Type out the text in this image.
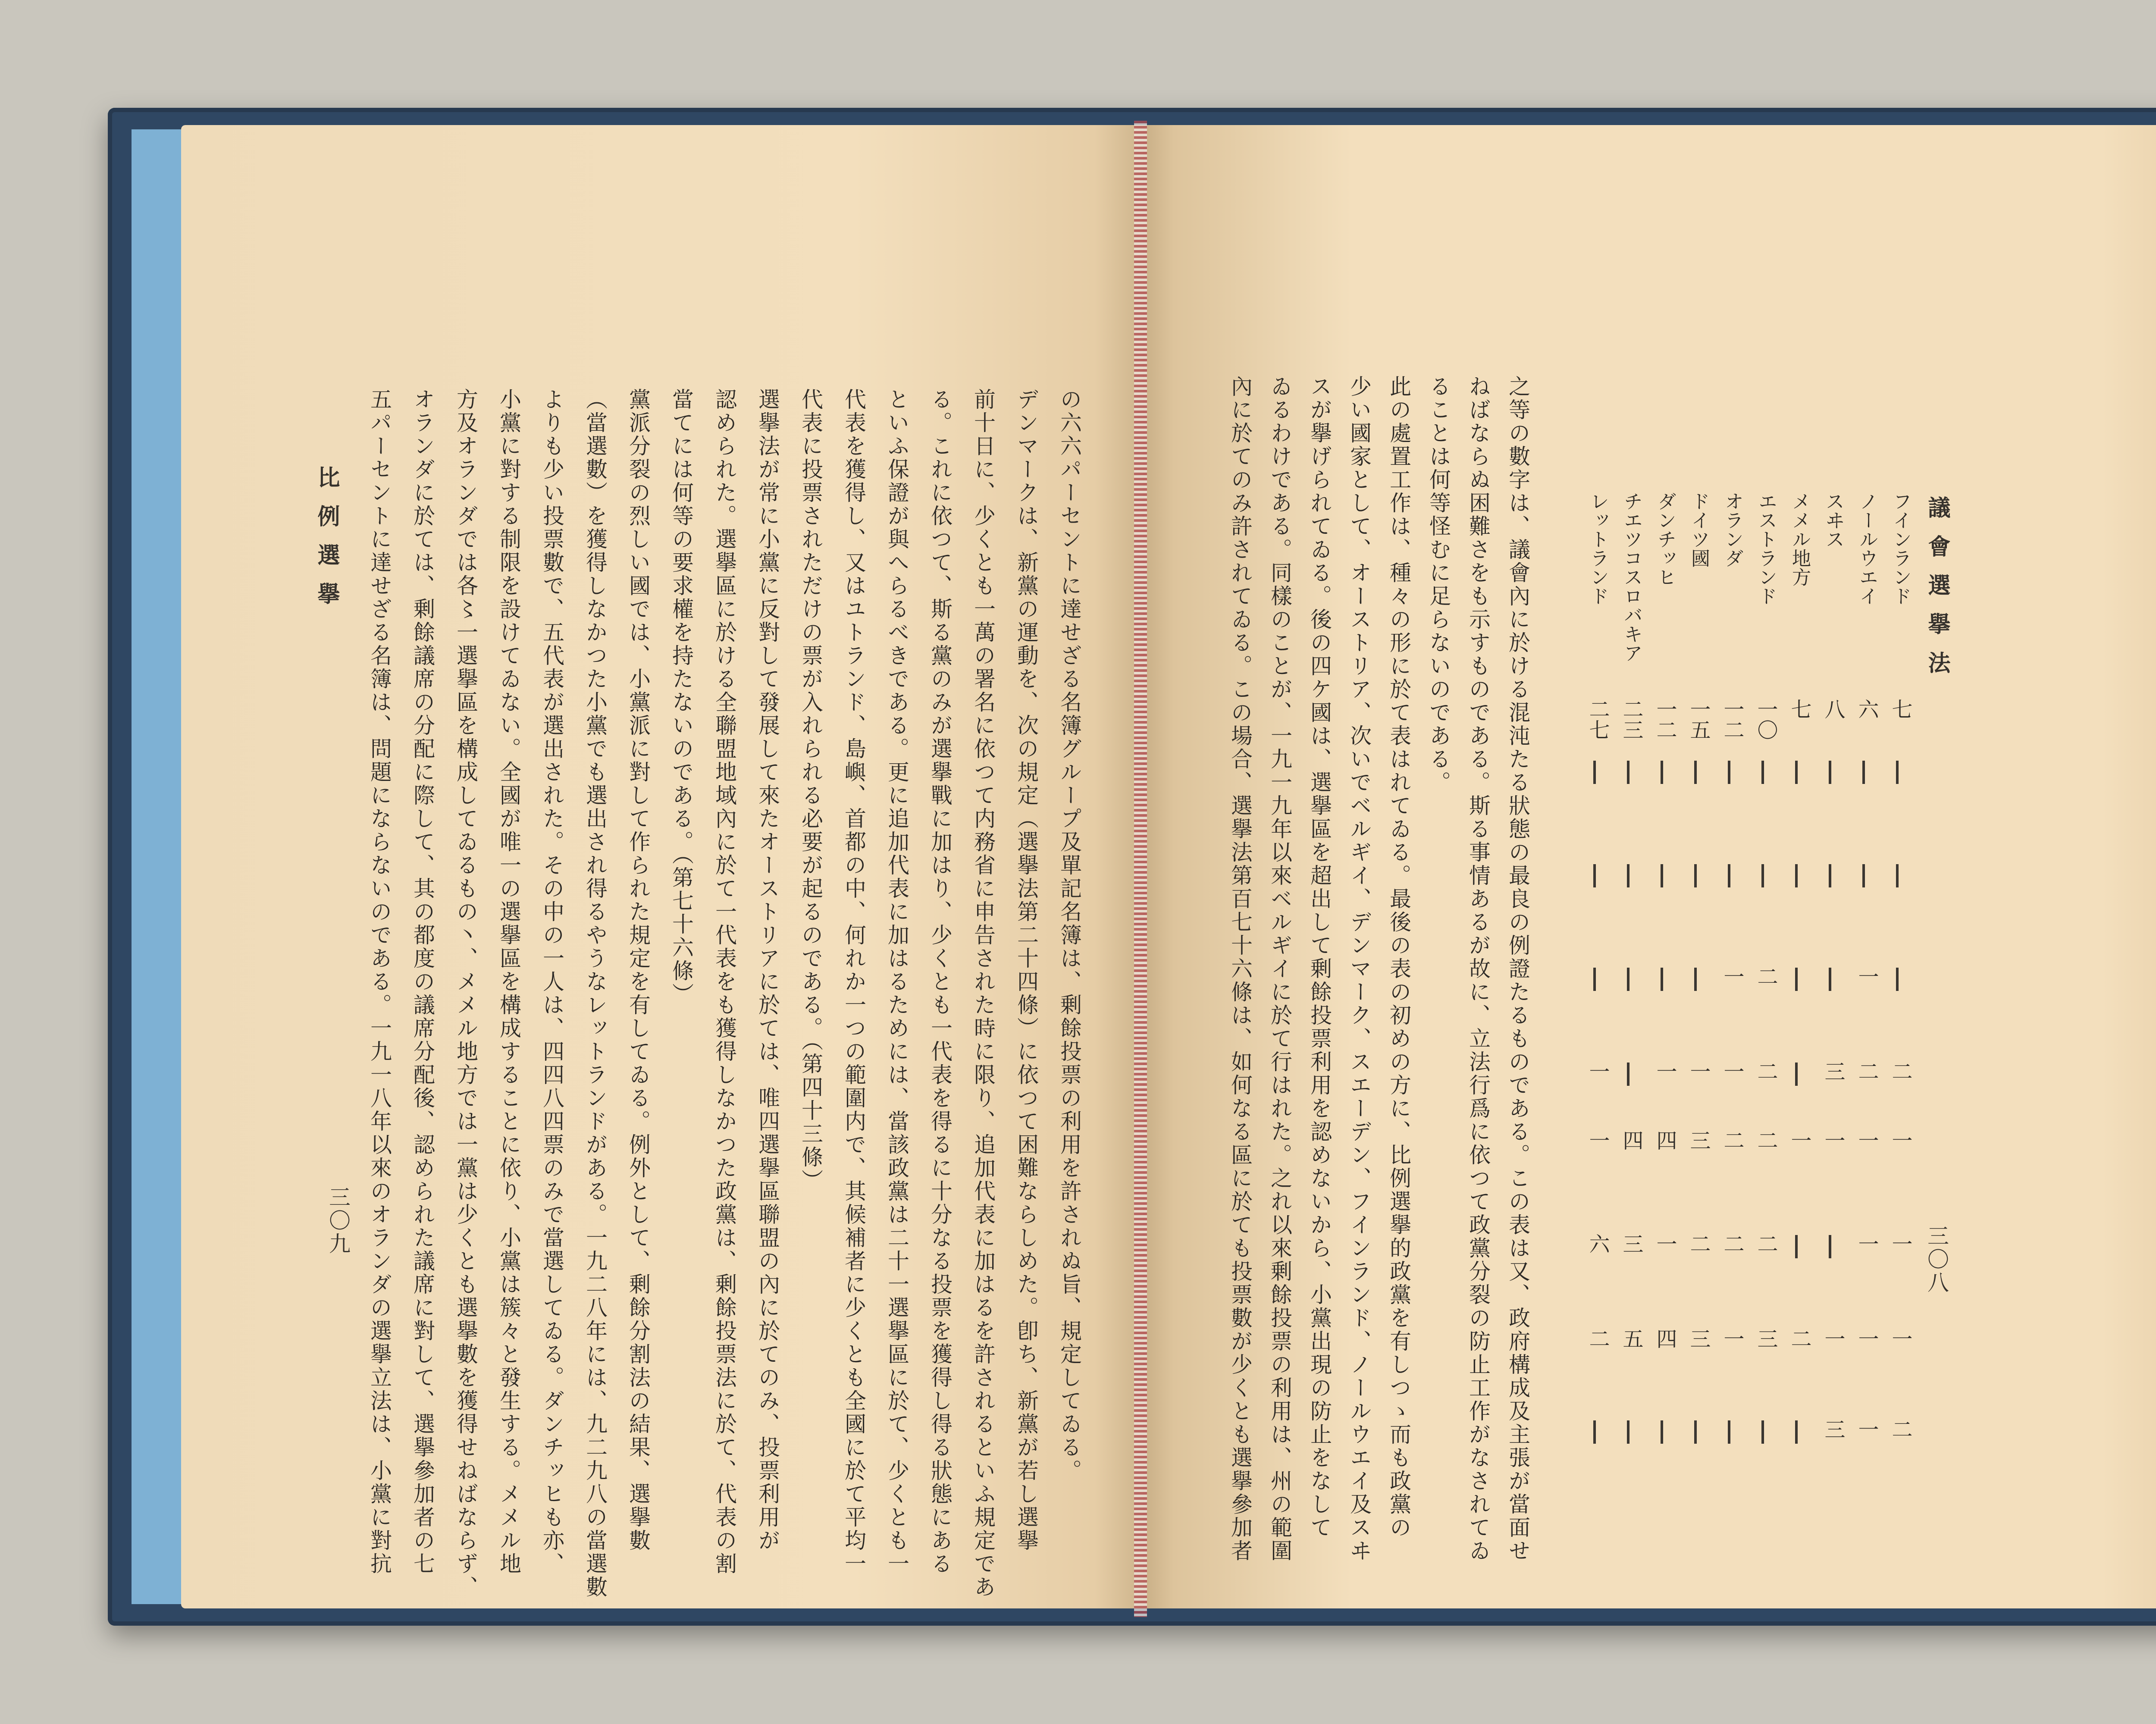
比例選擧
三〇九	の六六パーセントに達せざる名簿グループ及單記名簿は、剰餘投票の利用を許されぬ旨、規定してゐる。
デンマークは、新黨の運動を、次の規定（選擧法第二十四條）に依つて困難ならしめた。卽ち、新黨が若し選擧
前十日に、少くとも一萬の署名に依つて内務省に申告された時に限り、追加代表に加はるを許されるといふ規定であ
る。これに依つて、斯る黨のみが選擧戰に加はり、少くとも一代表を得るに十分なる投票を獲得し得る狀態にある
といふ保證が與へらるべきである。更に追加代表に加はるためには、當該政黨は二十一選擧區に於て、少くとも一
代表を獲得し、又はユトランド、島嶼、首都の中、何れか一つの範圍内で、其候補者に少くとも全國に於て平均一
代表に投票されただけの票が入れられる必要が起るのである。（第四十三條）
選擧法が常に小黨に反對して發展して來たオーストリアに於ては、唯四選擧區聯盟の內に於てのみ、投票利用が
認められた。選擧區に於ける全聯盟地域內に於て一代表をも獲得しなかつた政黨は、剰餘投票法に於て、代表の割
當てには何等の要求權を持たないのである。（第七十六條）
黨派分裂の烈しい國では、小黨派に對して作られた規定を有してゐる。例外として、剰餘分割法の結果、選擧數
（當選數）を獲得しなかつた小黨でも選出され得るやうなレットランドがある。一九二八年には、九二九八の當選數
よりも少い投票數で、五代表が選出された。その中の一人は、四四八四票のみで當選してゐる。ダンチッヒも亦、
小黨に對する制限を設けてゐない。全國が唯一の選擧區を構成することに依り、小黨は簇々と發生する。メメル地
方及オランダでは各〻一選擧區を構成してゐるもの丶、メメル地方では一黨は少くとも選擧數を獲得せねばならず、
オランダに於ては、剰餘議席の分配に際して、其の都度の議席分配後、認められた議席に對して、選擧參加者の七
五パーセントに達せざる名簿は、問題にならないのである。一九一八年以來のオランダの選擧立法は、小黨に對抗	議會選擧法
三〇八
フインランド
七
二
一
一
一
二
ノールウエイ
六
一
二
一
一
一
一
スヰス
八
三
一
一
三
メメル地方
七
一
二
エストランド
一〇
二
二
二
二
三
オランダ
一二
一
一
二
二
一
ドイツ國
一五
一
三
二
三
ダンチッヒ
一二
一
四
一
四
チエツコスロバキア
二三
四
三
五
レットランド
二七
一
一
六
二
之等の數字は、議會內に於ける混沌たる狀態の最良の例證たるものである。この表は又、政府構成及主張が當面せ
ねばならぬ困難さをも示すものである。斯る事情あるが故に、立法行爲に依つて政黨分裂の防止工作がなされてゐ
ることは何等怪むに足らないのである。
此の處置工作は、種々の形に於て表はれてゐる。最後の表の初めの方に、比例選擧的政黨を有しつゝ而も政黨の
少い國家として、オーストリア、次いでベルギイ、デンマーク、スエーデン、フインランド、ノールウエイ及スヰ
スが擧げられてゐる。後の四ケ國は、選擧區を超出して剰餘投票利用を認めないから、小黨出現の防止をなして
ゐるわけである。同樣のことが、一九一九年以來ベルギイに於て行はれた。之れ以來剰餘投票の利用は、州の範圍
內に於てのみ許されてゐる。この場合、選擧法第百七十六條は、如何なる區に於ても投票數が少くとも選擧參加者
